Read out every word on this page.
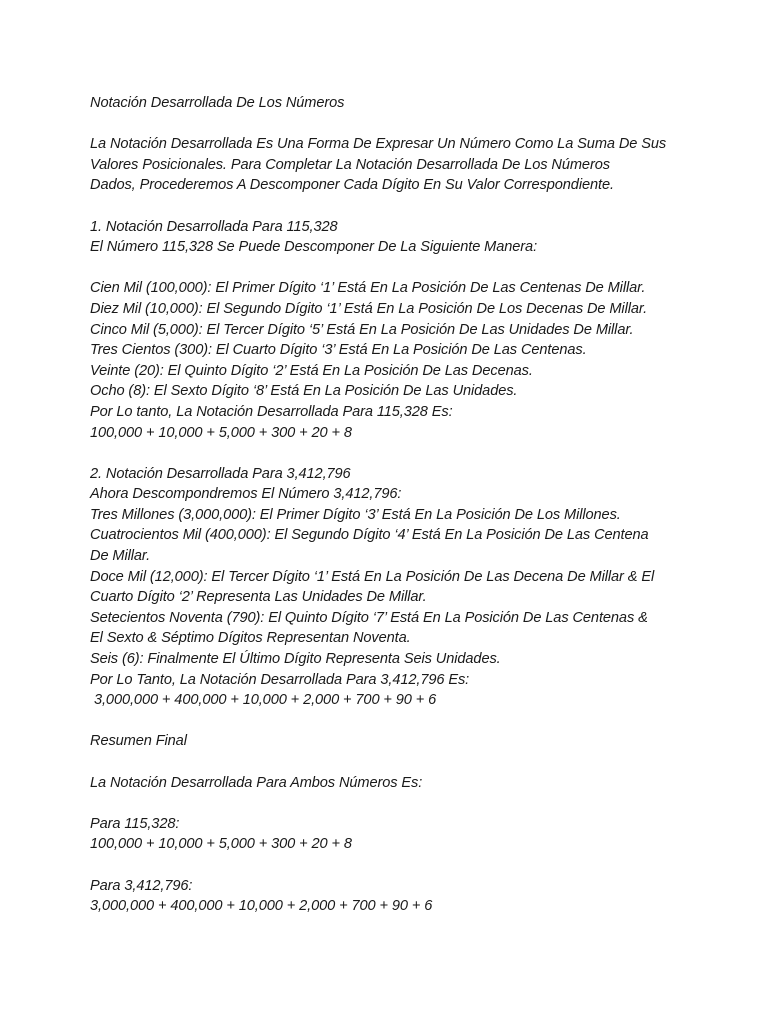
Notación Desarrollada De Los Números
La Notación Desarrollada Es Una Forma De Expresar Un Número Como La Suma De Sus
Valores Posicionales. Para Completar La Notación Desarrollada De Los Números
Dados, Procederemos A Descomponer Cada Dígito En Su Valor Correspondiente.
1. Notación Desarrollada Para 115,328
El Número 115,328 Se Puede Descomponer De La Siguiente Manera:
Cien Mil (100,000): El Primer Dígito ‘1’ Está En La Posición De Las Centenas De Millar.
Diez Mil (10,000): El Segundo Dígito ‘1’ Está En La Posición De Los Decenas De Millar.
Cinco Mil (5,000): El Tercer Dígito ‘5’ Está En La Posición De Las Unidades De Millar.
Tres Cientos (300): El Cuarto Dígito ‘3’ Está En La Posición De Las Centenas.
Veinte (20): El Quinto Dígito ‘2’ Está En La Posición De Las Decenas.
Ocho (8): El Sexto Dígito ‘8’ Está En La Posición De Las Unidades.
Por Lo tanto, La Notación Desarrollada Para 115,328 Es:
100,000 + 10,000 + 5,000 + 300 + 20 + 8
2. Notación Desarrollada Para 3,412,796
Ahora Descompondremos El Número 3,412,796:
Tres Millones (3,000,000): El Primer Dígito ‘3’ Está En La Posición De Los Millones.
Cuatrocientos Mil (400,000): El Segundo Dígito ‘4’ Está En La Posición De Las Centena
De Millar.
Doce Mil (12,000): El Tercer Dígito ‘1’ Está En La Posición De Las Decena De Millar & El
Cuarto Dígito ‘2’ Representa Las Unidades De Millar.
Setecientos Noventa (790): El Quinto Dígito ‘7’ Está En La Posición De Las Centenas &
El Sexto & Séptimo Dígitos Representan Noventa.
Seis (6): Finalmente El Último Dígito Representa Seis Unidades.
Por Lo Tanto, La Notación Desarrollada Para 3,412,796 Es:
3,000,000 + 400,000 + 10,000 + 2,000 + 700 + 90 + 6
Resumen Final
La Notación Desarrollada Para Ambos Números Es:
Para 115,328:
100,000 + 10,000 + 5,000 + 300 + 20 + 8
Para 3,412,796:
3,000,000 + 400,000 + 10,000 + 2,000 + 700 + 90 + 6
